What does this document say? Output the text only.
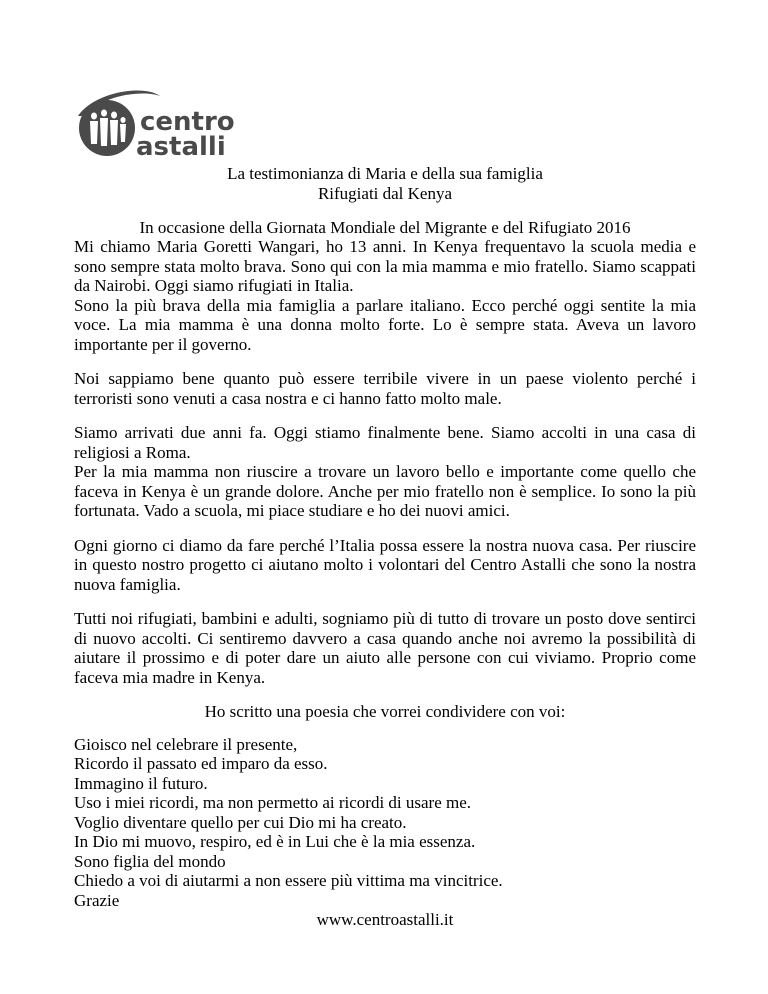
centro
astalli
La testimonianza di Maria e della sua famiglia
Rifugiati dal Kenya
In occasione della Giornata Mondiale del Migrante e del Rifugiato 2016

Mi chiamo Maria Goretti Wangari, ho 13 anni. In Kenya frequentavo la scuola media e sono sempre stata molto brava. Sono qui con la mia mamma e mio fratello. Siamo scappati da Nairobi. Oggi siamo rifugiati in Italia.
Sono la più brava della mia famiglia a parlare italiano. Ecco perché oggi sentite la mia voce. La mia mamma è una donna molto forte. Lo è sempre stata. Aveva un lavoro importante per il governo.

Noi sappiamo bene quanto può essere terribile vivere in un paese violento perché i terroristi sono venuti a casa nostra e ci hanno fatto molto male.

Siamo arrivati due anni fa. Oggi stiamo finalmente bene. Siamo accolti in una casa di religiosi a Roma.
Per la mia mamma non riuscire a trovare un lavoro bello e importante come quello che faceva in Kenya è un grande dolore. Anche per mio fratello non è semplice. Io sono la più fortunata. Vado a scuola, mi piace studiare e ho dei nuovi amici.

Ogni giorno ci diamo da fare perché l’Italia possa essere la nostra nuova casa. Per riuscire in questo nostro progetto ci aiutano molto i volontari del Centro Astalli che sono la nostra nuova famiglia.

Tutti noi rifugiati, bambini e adulti, sogniamo più di tutto di trovare un posto dove sentirci di nuovo accolti. Ci sentiremo davvero a casa quando anche noi avremo la possibilità di aiutare il prossimo e di poter dare un aiuto alle persone con cui viviamo. Proprio come faceva mia madre in Kenya.

Ho scritto una poesia che vorrei condividere con voi:
Gioisco nel celebrare il presente,
Ricordo il passato ed imparo da esso.
Immagino il futuro.
Uso i miei ricordi, ma non permetto ai ricordi di usare me.
Voglio diventare quello per cui Dio mi ha creato.
In Dio mi muovo, respiro, ed è in Lui che è la mia essenza.
Sono figlia del mondo
Chiedo a voi di aiutarmi a non essere più vittima ma vincitrice.
Grazie
www.centroastalli.it
